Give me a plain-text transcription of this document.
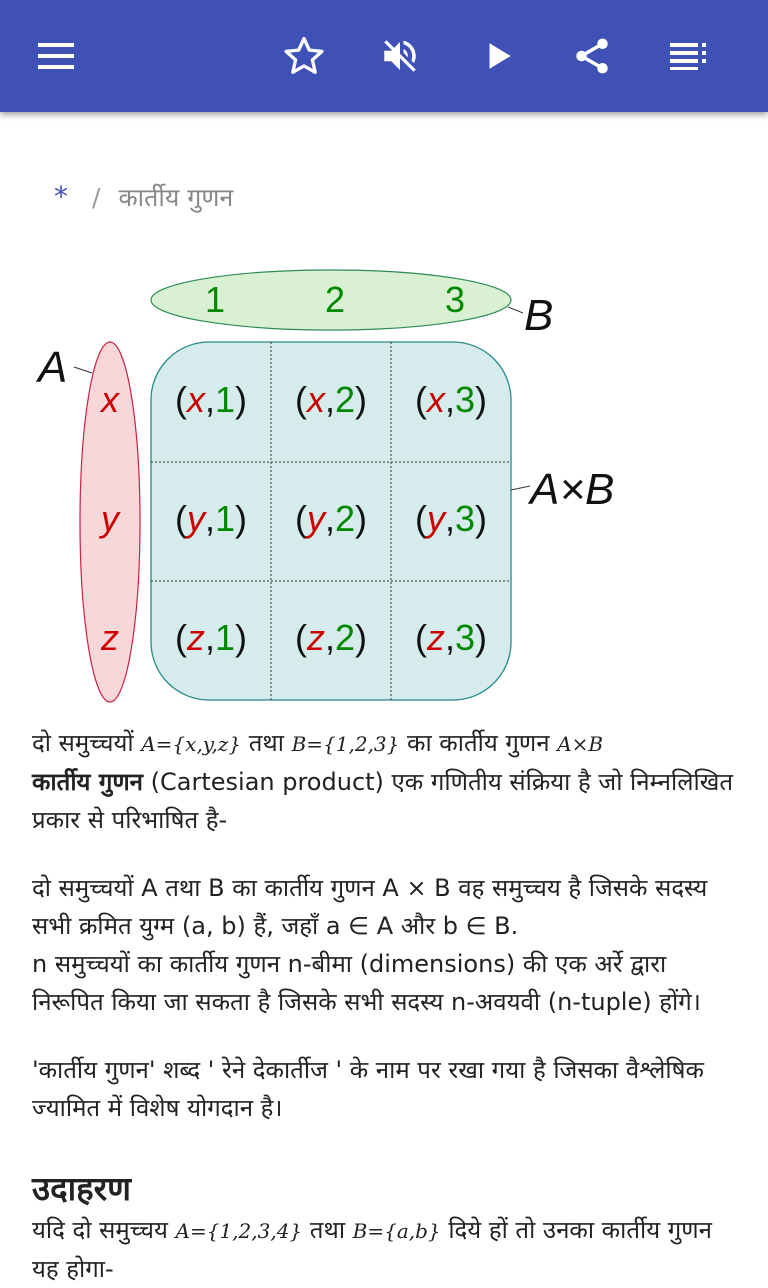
* / कार्तीय गुणन
B
A
A×B
1	2	3
x
y
z
(x,1) (x,2) (x,3)
(y,1) (y,2) (y,3)
(z,1) (z,2) (z,3)

दो समुच्चयों A={x,y,z} तथा B={1,2,3} का कार्तीय गुणन A×B

कार्तीय गुणन (Cartesian product) एक गणितीय संक्रिया है जो निम्नलिखित प्रकार से परिभाषित है-

दो समुच्चयों A तथा B का कार्तीय गुणन A × B वह समुच्चय है जिसके सदस्य सभी क्रमित युग्म (a, b) हैं, जहाँ a ∈ A और b ∈ B.

n समुच्चयों का कार्तीय गुणन n-बीमा (dimensions) की एक अर्रे द्वारा निरूपित किया जा सकता है जिसके सभी सदस्य n-अवयवी (n-tuple) होंगे।

'कार्तीय गुणन' शब्द ' रेने देकार्तीज ' के नाम पर रखा गया है जिसका वैश्लेषिक ज्यामित में विशेष योगदान है।

उदाहरण

यदि दो समुच्चय A={1,2,3,4} तथा B={a,b} दिये हों तो उनका कार्तीय गुणन यह होगा-
